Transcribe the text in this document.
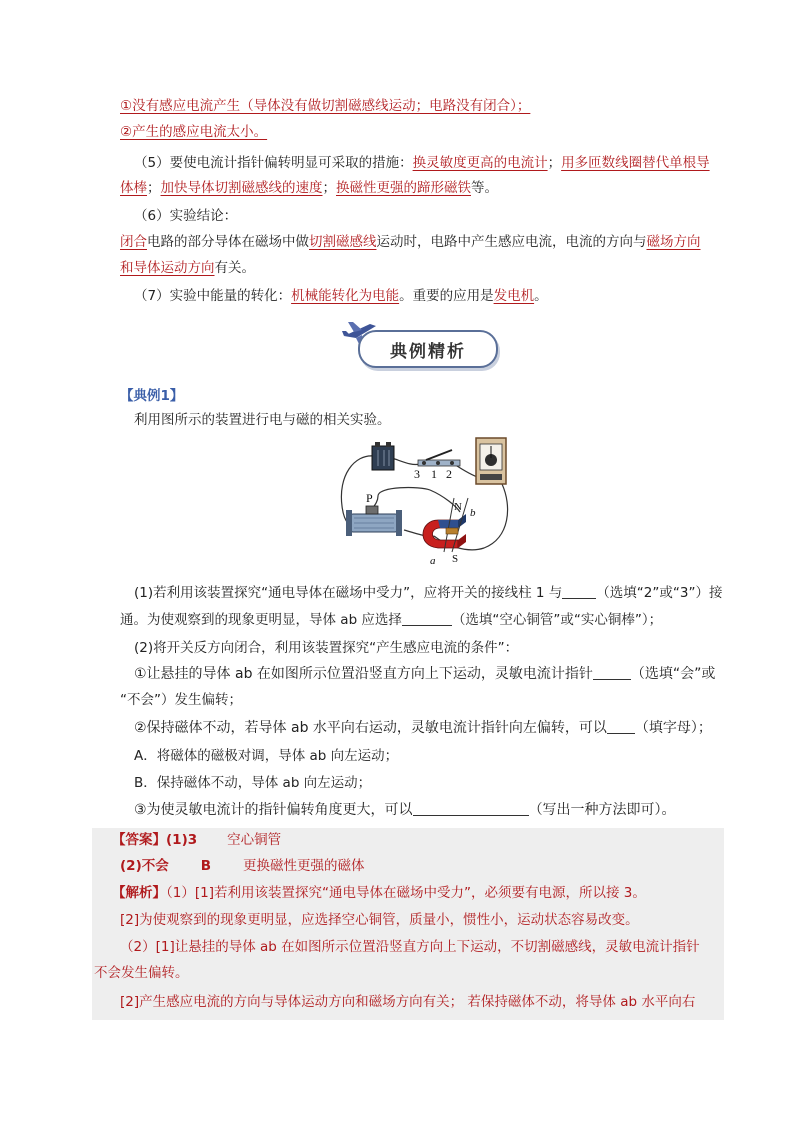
①没有感应电流产生（导体没有做切割磁感线运动；电路没有闭合）；
②产生的感应电流太小。
（5）要使电流计指针偏转明显可采取的措施：换灵敏度更高的电流计；用多匝数线圈替代单根导
体棒；加快导体切割磁感线的速度；换磁性更强的蹄形磁铁等。
（6）实验结论：
闭合电路的部分导体在磁场中做切割磁感线运动时，电路中产生感应电流，电流的方向与磁场方向
和导体运动方向有关。
（7）实验中能量的转化：机械能转化为电能。重要的应用是发电机。
典例精析
【典例1】
利用图所示的装置进行电与磁的相关实验。
3 1 2
P
N
S
a
b
(1)若利用该装置探究“通电导体在磁场中受力”，应将开关的接线柱 1 与	（选填“2”或“3”）接
通。为使观察到的现象更明显，导体 ab 应选择	（选填“空心铜管”或“实心铜棒”）；
(2)将开关反方向闭合，利用该装置探究“产生感应电流的条件”：
①让悬挂的导体 ab 在如图所示位置沿竖直方向上下运动，灵敏电流计指针	（选填“会”或
“不会”）发生偏转；
②保持磁体不动，若导体 ab 水平向右运动，灵敏电流计指针向左偏转，可以 （填字母）；
A．将磁体的磁极对调，导体 ab 向左运动；
B．保持磁体不动，导体 ab 向左运动；
③为使灵敏电流计的指针偏转角度更大，可以	（写出一种方法即可）。
【答案】(1)3 空心铜管
(2)不会 B 更换磁性更强的磁体
【解析】（1）[1]若利用该装置探究“通电导体在磁场中受力”，必须要有电源，所以接 3。
[2]为使观察到的现象更明显，应选择空心铜管，质量小，惯性小，运动状态容易改变。
（2）[1]让悬挂的导体 ab 在如图所示位置沿竖直方向上下运动，不切割磁感线，灵敏电流计指针
不会发生偏转。
[2]产生感应电流的方向与导体运动方向和磁场方向有关； 若保持磁体不动，将导体 ab 水平向右
